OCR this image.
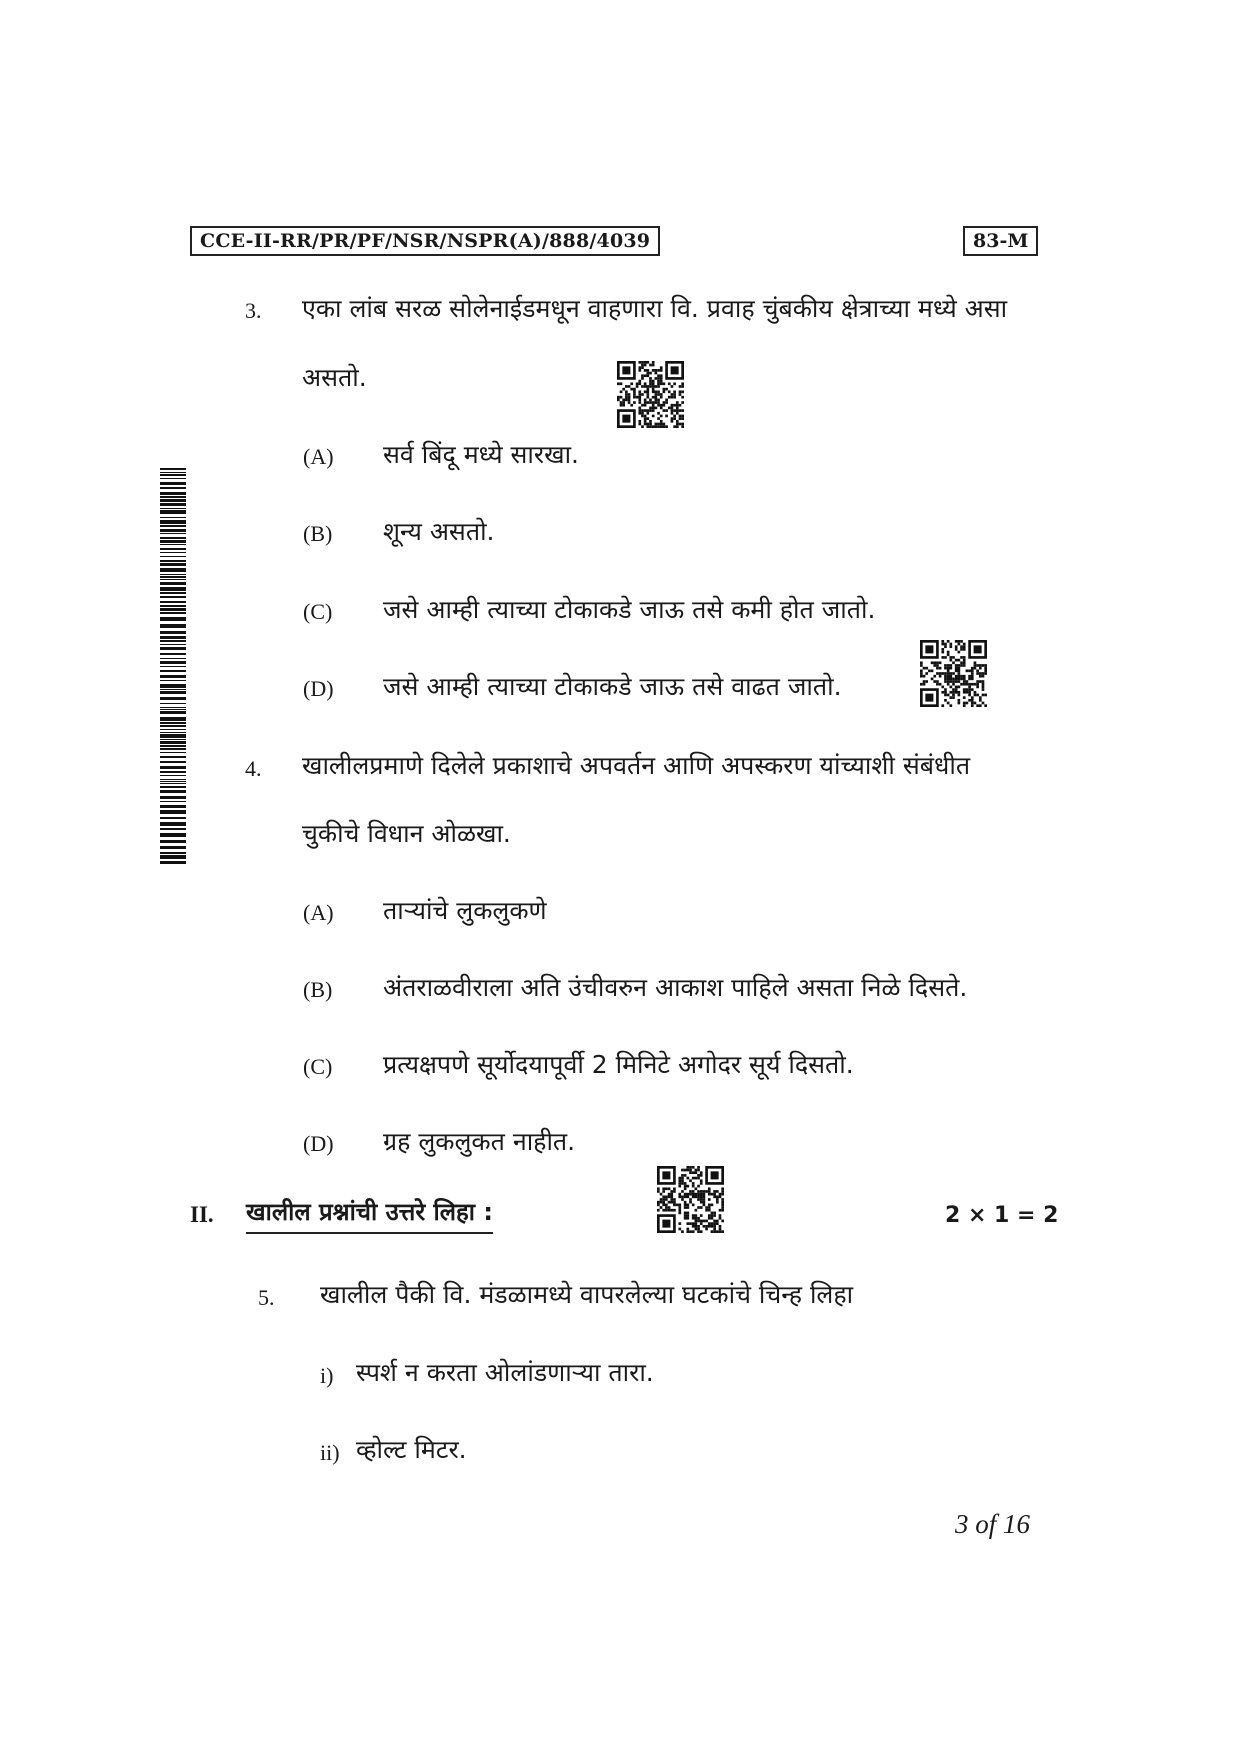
CCE-II-RR/PR/PF/NSR/NSPR(A)/888/4039	83-M
3. एका लांब सरळ सोलेनाईडमधून वाहणारा वि. प्रवाह चुंबकीय क्षेत्राच्या मध्ये असा
असतो.
(A) सर्व बिंदू मध्ये सारखा.
(B) शून्य असतो.
(C) जसे आम्ही त्याच्या टोकाकडे जाऊ तसे कमी होत जातो.
(D) जसे आम्ही त्याच्या टोकाकडे जाऊ तसे वाढत जातो.
4. खालीलप्रमाणे दिलेले प्रकाशाचे अपवर्तन आणि अपस्करण यांच्याशी संबंधीत
चुकीचे विधान ओळखा.
(A) ताऱ्यांचे लुकलुकणे
(B) अंतराळवीराला अति उंचीवरुन आकाश पाहिले असता निळे दिसते.
(C) प्रत्यक्षपणे सूर्योदयापूर्वी 2 मिनिटे अगोदर सूर्य दिसतो.
(D) ग्रह लुकलुकत नाहीत.
II. खालील प्रश्नांची उत्तरे लिहा :	2 × 1 = 2
5. खालील पैकी वि. मंडळामध्ये वापरलेल्या घटकांचे चिन्ह लिहा
i) स्पर्श न करता ओलांडणाऱ्या तारा.
ii) व्होल्ट मिटर.
3 of 16
